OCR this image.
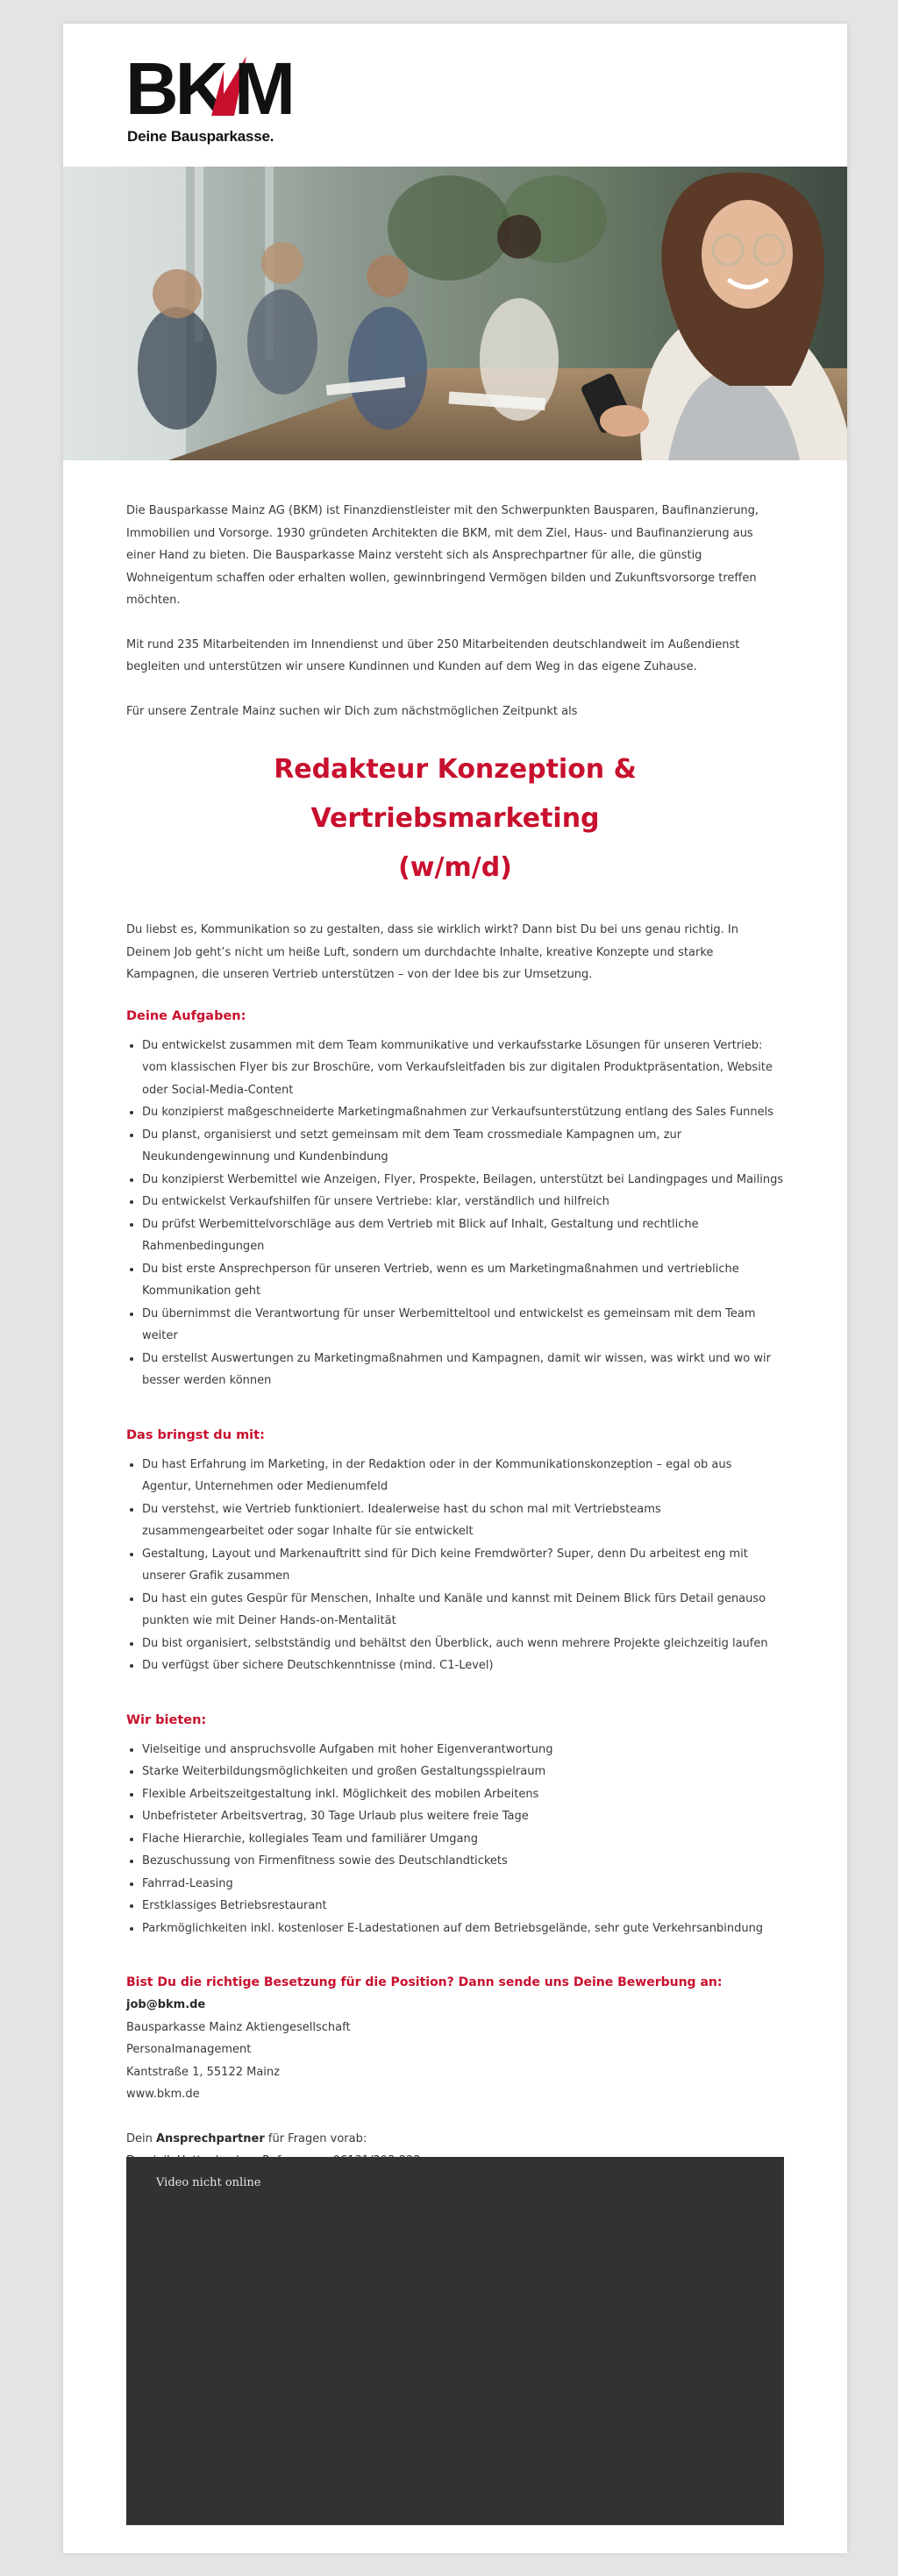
BK M
Deine Bausparkasse.

Die Bausparkasse Mainz AG (BKM) ist Finanzdienstleister mit den Schwerpunkten Bausparen, Baufinanzierung, Immobilien und Vorsorge. 1930 gründeten Architekten die BKM, mit dem Ziel, Haus- und Baufinanzierung aus einer Hand zu bieten. Die Bausparkasse Mainz versteht sich als Ansprechpartner für alle, die günstig Wohneigentum schaffen oder erhalten wollen, gewinnbringend Vermögen bilden und Zukunftsvorsorge treffen möchten.

Mit rund 235 Mitarbeitenden im Innendienst und über 250 Mitarbeitenden deutschlandweit im Außendienst begleiten und unterstützen wir unsere Kundinnen und Kunden auf dem Weg in das eigene Zuhause.

Für unsere Zentrale Mainz suchen wir Dich zum nächstmöglichen Zeitpunkt als

Redakteur Konzeption & Vertriebsmarketing
(w/m/d)

Du liebst es, Kommunikation so zu gestalten, dass sie wirklich wirkt? Dann bist Du bei uns genau richtig. In Deinem Job geht’s nicht um heiße Luft, sondern um durchdachte Inhalte, kreative Konzepte und starke Kampagnen, die unseren Vertrieb unterstützen – von der Idee bis zur Umsetzung.

Deine Aufgaben:
• Du entwickelst zusammen mit dem Team kommunikative und verkaufsstarke Lösungen für unseren Vertrieb: vom klassischen Flyer bis zur Broschüre, vom Verkaufsleitfaden bis zur digitalen Produktpräsentation, Website oder Social-Media-Content
• Du konzipierst maßgeschneiderte Marketingmaßnahmen zur Verkaufsunterstützung entlang des Sales Funnels
• Du planst, organisierst und setzt gemeinsam mit dem Team crossmediale Kampagnen um, zur Neukundengewinnung und Kundenbindung
• Du konzipierst Werbemittel wie Anzeigen, Flyer, Prospekte, Beilagen, unterstützt bei Landingpages und Mailings
• Du entwickelst Verkaufshilfen für unsere Vertriebe: klar, verständlich und hilfreich
• Du prüfst Werbemittelvorschläge aus dem Vertrieb mit Blick auf Inhalt, Gestaltung und rechtliche Rahmenbedingungen
• Du bist erste Ansprechperson für unseren Vertrieb, wenn es um Marketingmaßnahmen und vertriebliche Kommunikation geht
• Du übernimmst die Verantwortung für unser Werbemitteltool und entwickelst es gemeinsam mit dem Team weiter
• Du erstellst Auswertungen zu Marketingmaßnahmen und Kampagnen, damit wir wissen, was wirkt und wo wir besser werden können
Das bringst du mit:
• Du hast Erfahrung im Marketing, in der Redaktion oder in der Kommunikationskonzeption – egal ob aus Agentur, Unternehmen oder Medienumfeld
• Du verstehst, wie Vertrieb funktioniert. Idealerweise hast du schon mal mit Vertriebsteams zusammengearbeitet oder sogar Inhalte für sie entwickelt
• Gestaltung, Layout und Markenauftritt sind für Dich keine Fremdwörter? Super, denn Du arbeitest eng mit unserer Grafik zusammen
• Du hast ein gutes Gespür für Menschen, Inhalte und Kanäle und kannst mit Deinem Blick fürs Detail genauso punkten wie mit Deiner Hands-on-Mentalität
• Du bist organisiert, selbstständig und behältst den Überblick, auch wenn mehrere Projekte gleichzeitig laufen
• Du verfügst über sichere Deutschkenntnisse (mind. C1-Level)
Wir bieten:
• Vielseitige und anspruchsvolle Aufgaben mit hoher Eigenverantwortung
• Starke Weiterbildungsmöglichkeiten und großen Gestaltungsspielraum
• Flexible Arbeitszeitgestaltung inkl. Möglichkeit des mobilen Arbeitens
• Unbefristeter Arbeitsvertrag, 30 Tage Urlaub plus weitere freie Tage
• Flache Hierarchie, kollegiales Team und familiärer Umgang
• Bezuschussung von Firmenfitness sowie des Deutschlandtickets
• Fahrrad-Leasing
• Erstklassiges Betriebsrestaurant
• Parkmöglichkeiten inkl. kostenloser E-Ladestationen auf dem Betriebsgelände, sehr gute Verkehrsanbindung

Bist Du die richtige Besetzung für die Position? Dann sende uns Deine Bewerbung an:

job@bkm.de

Bausparkasse Mainz Aktiengesellschaft

Personalmanagement

Kantstraße 1, 55122 Mainz

www.bkm.de

Dein Ansprechpartner für Fragen vorab:

Video nicht online
